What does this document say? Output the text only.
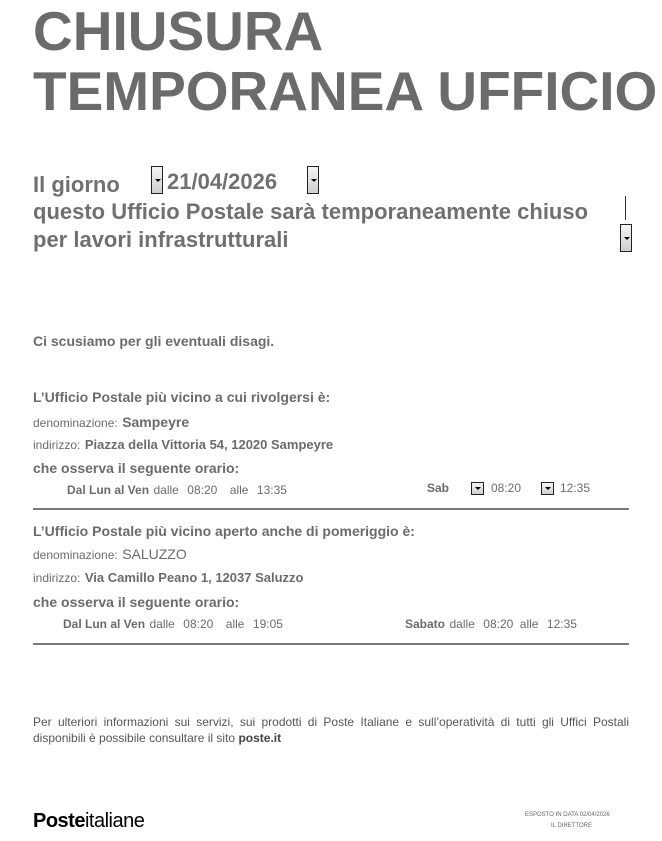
CHIUSURA
TEMPORANEA UFFICIO
Il giorno 21/04/2026
questo Ufficio Postale sarà temporaneamente chiuso
per lavori infrastrutturali
Ci scusiamo per gli eventuali disagi.
L’Ufficio Postale più vicino a cui rivolgersi è:
denominazione: Sampeyre
indirizzo: Piazza della Vittoria 54, 12020 Sampeyre
che osserva il seguente orario:
Dal Lun al Ven dalle 08:20 alle 13:35	Sab	08:20	12:35
L’Ufficio Postale più vicino aperto anche di pomeriggio è:
denominazione: SALUZZO
indirizzo: Via Camillo Peano 1, 12037 Saluzzo
che osserva il seguente orario:
Dal Lun al Ven dalle 08:20 alle 19:05	Sabato dalle 08:20 alle 12:35
Per ulteriori informazioni sui servizi, sui prodotti di Poste Italiane e sull’operatività di tutti gli Uffici Postali disponibili è possibile consultare il sito poste.it
Posteitaliane	ESPOSTO IN DATA 02/04/2026
IL DIRETTORE
